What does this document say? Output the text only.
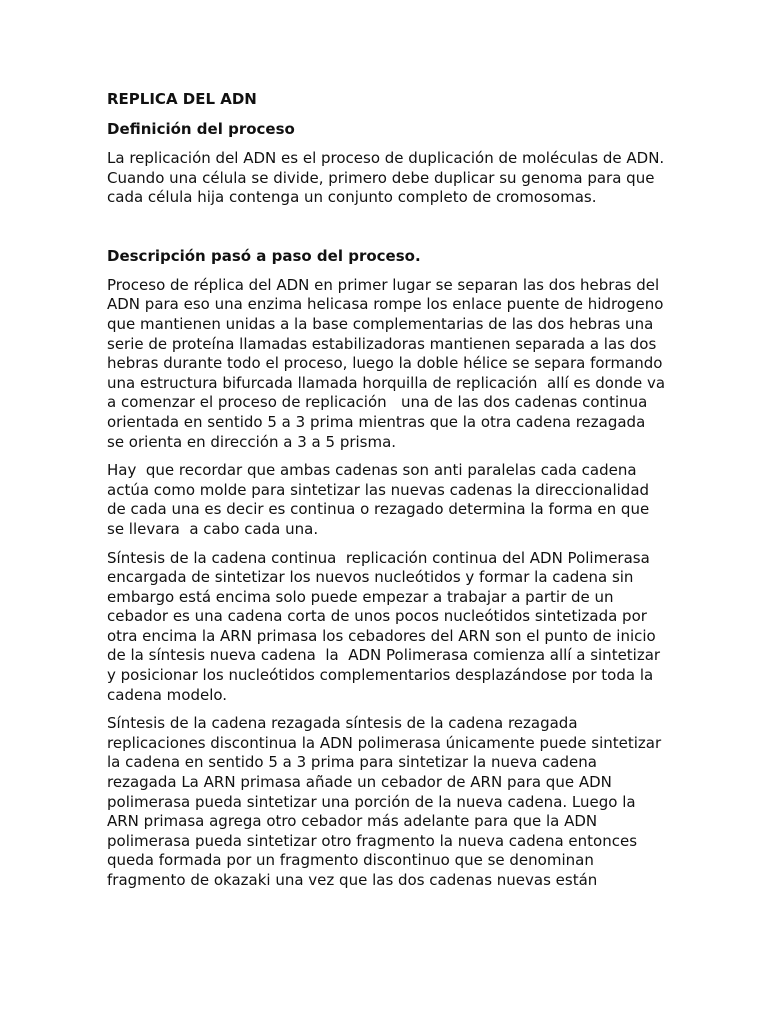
REPLICA DEL ADN
Definición del proceso

La replicación del ADN es el proceso de duplicación de moléculas de ADN. Cuando una célula se divide, primero debe duplicar su genoma para que cada célula hija contenga un conjunto completo de cromosomas.

Descripción pasó a paso del proceso.

Proceso de réplica del ADN en primer lugar se separan las dos hebras del ADN para eso una enzima helicasa rompe los enlace puente de hidrogeno que mantienen unidas a la base complementarias de las dos hebras una serie de proteína llamadas estabilizadoras mantienen separada a las dos hebras durante todo el proceso, luego la doble hélice se separa formando una estructura bifurcada llamada horquilla de replicación  allí es donde va a comenzar el proceso de replicación   una de las dos cadenas continua orientada en sentido 5 a 3 prima mientras que la otra cadena rezagada se orienta en dirección a 3 a 5 prisma.

Hay  que recordar que ambas cadenas son anti paralelas cada cadena actúa como molde para sintetizar las nuevas cadenas la direccionalidad de cada una es decir es continua o rezagado determina la forma en que se llevara  a cabo cada una.

Síntesis de la cadena continua  replicación continua del ADN Polimerasa encargada de sintetizar los nuevos nucleótidos y formar la cadena sin embargo está encima solo puede empezar a trabajar a partir de un cebador es una cadena corta de unos pocos nucleótidos sintetizada por otra encima la ARN primasa los cebadores del ARN son el punto de inicio de la síntesis nueva cadena  la  ADN Polimerasa comienza allí a sintetizar y posicionar los nucleótidos complementarios desplazándose por toda la cadena modelo.

Síntesis de la cadena rezagada síntesis de la cadena rezagada replicaciones discontinua la ADN polimerasa únicamente puede sintetizar la cadena en sentido 5 a 3 prima para sintetizar la nueva cadena rezagada La ARN primasa añade un cebador de ARN para que ADN polimerasa pueda sintetizar una porción de la nueva cadena. Luego la ARN primasa agrega otro cebador más adelante para que la ADN polimerasa pueda sintetizar otro fragmento la nueva cadena entonces queda formada por un fragmento discontinuo que se denominan fragmento de okazaki una vez que las dos cadenas nuevas están
